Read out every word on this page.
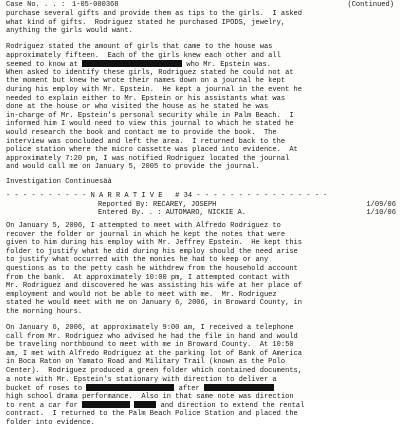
Case No. . . : 1-05-000368	(Continued)
purchase several gifts and provide them as tips to the girls.  I asked
what kind of gifts.  Rodriguez stated he purchased IPODS, jewelry,
anything the girls would want.
Rodriguez stated the amount of girls that came to the house was
approximately fifteen.  Each of the girls knew each other and all
seemed to know at	who Mr. Epstein was.
When asked to identify these girls, Rodriguez stated he could not at
the moment but knew he wrote their names down on a journal he kept
during his employ with Mr. Epstein.  He kept a journal in the event he
needed to explain either to Mr. Epstein or his assistants what was
done at the house or who visited the house as he stated he was
in-charge of Mr. Epstein's personal security while in Palm Beach.  I
informed him I would need to view this journal to which he stated he
would research the book and contact me to provide the book.  The
interview was concluded and left the area.  I returned back to the
police station where the micro cassette was placed into evidence.  At
approximately 7:20 pm, I was notified Rodriguez located the journal
and would call me on January 5, 2005 to provide the journal.
Investigation Continuesäà
- - - - - - - - - - N A R R A T I V E   # 34 - - - - - - - - - - - - - - - -
Reported By: RECAREY, JOSEPH	1/09/06
Entered By. . : AUTOMARO, NICKIE A.	1/10/06
On January 5, 2006, I attempted to meet with Alfredo Rodriguez to
recover the folder or journal in which he kept the notes that were
given to him during his employ with Mr. Jeffrey Epstein.  He kept this
folder to justify what he did during his employ should the need arise
to justify what occurred with the monies he had to keep or any
questions as to the petty cash he withdrew from the household account
from the bank.  At approximately 10:00 pm, I attempted contact with
Mr. Rodriguez and discovered he was assisting his wife at her place of
employment and would not be able to meet with me.  Mr. Rodriguez
stated he would meet with me on January 6, 2006, in Broward County, in
the morning hours.
On January 6, 2006, at approximately 9:00 am, I received a telephone
call from Mr. Rodriguez who advised he had the file in hand and would
be traveling northbound to meet with me in Broward County.  At 10:50
am, I met with Alfredo Rodriguez at the parking lot of Bank of America
in Boca Raton on Yamato Road and Military Trail (known as the Polo
Center).  Rodriguez produced a green folder which contained documents,
a note with Mr. Epstein's stationary with direction to deliver a
bucket of roses to	after
high school drama performance.  Also in that same note was direction
to rent a car for	and direction to extend the rental
contract.  I returned to the Palm Beach Police Station and placed the
folder into evidence.
